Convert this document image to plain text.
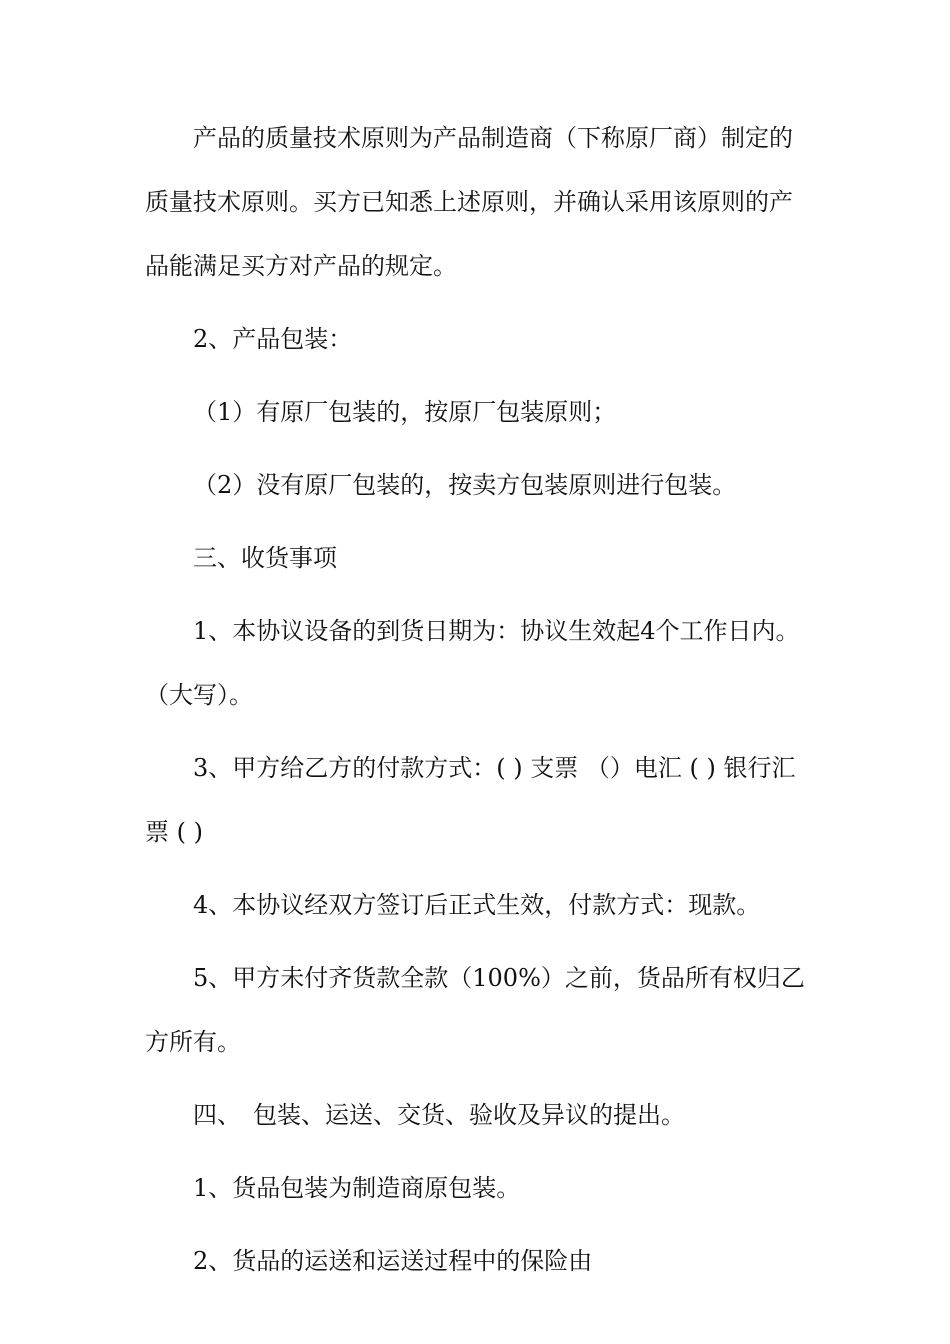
产品的质量技术原则为产品制造商（下称原厂商）制定的质量技术原则。买方已知悉上述原则，并确认采用该原则的产品能满足买方对产品的规定。

2、产品包装：

（1）有原厂包装的，按原厂包装原则；

（2）没有原厂包装的，按卖方包装原则进行包装。

三、收货事项

1、本协议设备的到货日期为：协议生效起4个工作日内。（大写）。

3、甲方给乙方的付款方式：( ) 支票 （）电汇 ( ) 银行汇票 ( )

4、本协议经双方签订后正式生效，付款方式：现款。

5、甲方未付齐货款全款（100%）之前，货品所有权归乙方所有。

四、　包装、运送、交货、验收及异议的提出。

1、货品包装为制造商原包装。

2、货品的运送和运送过程中的保险由
